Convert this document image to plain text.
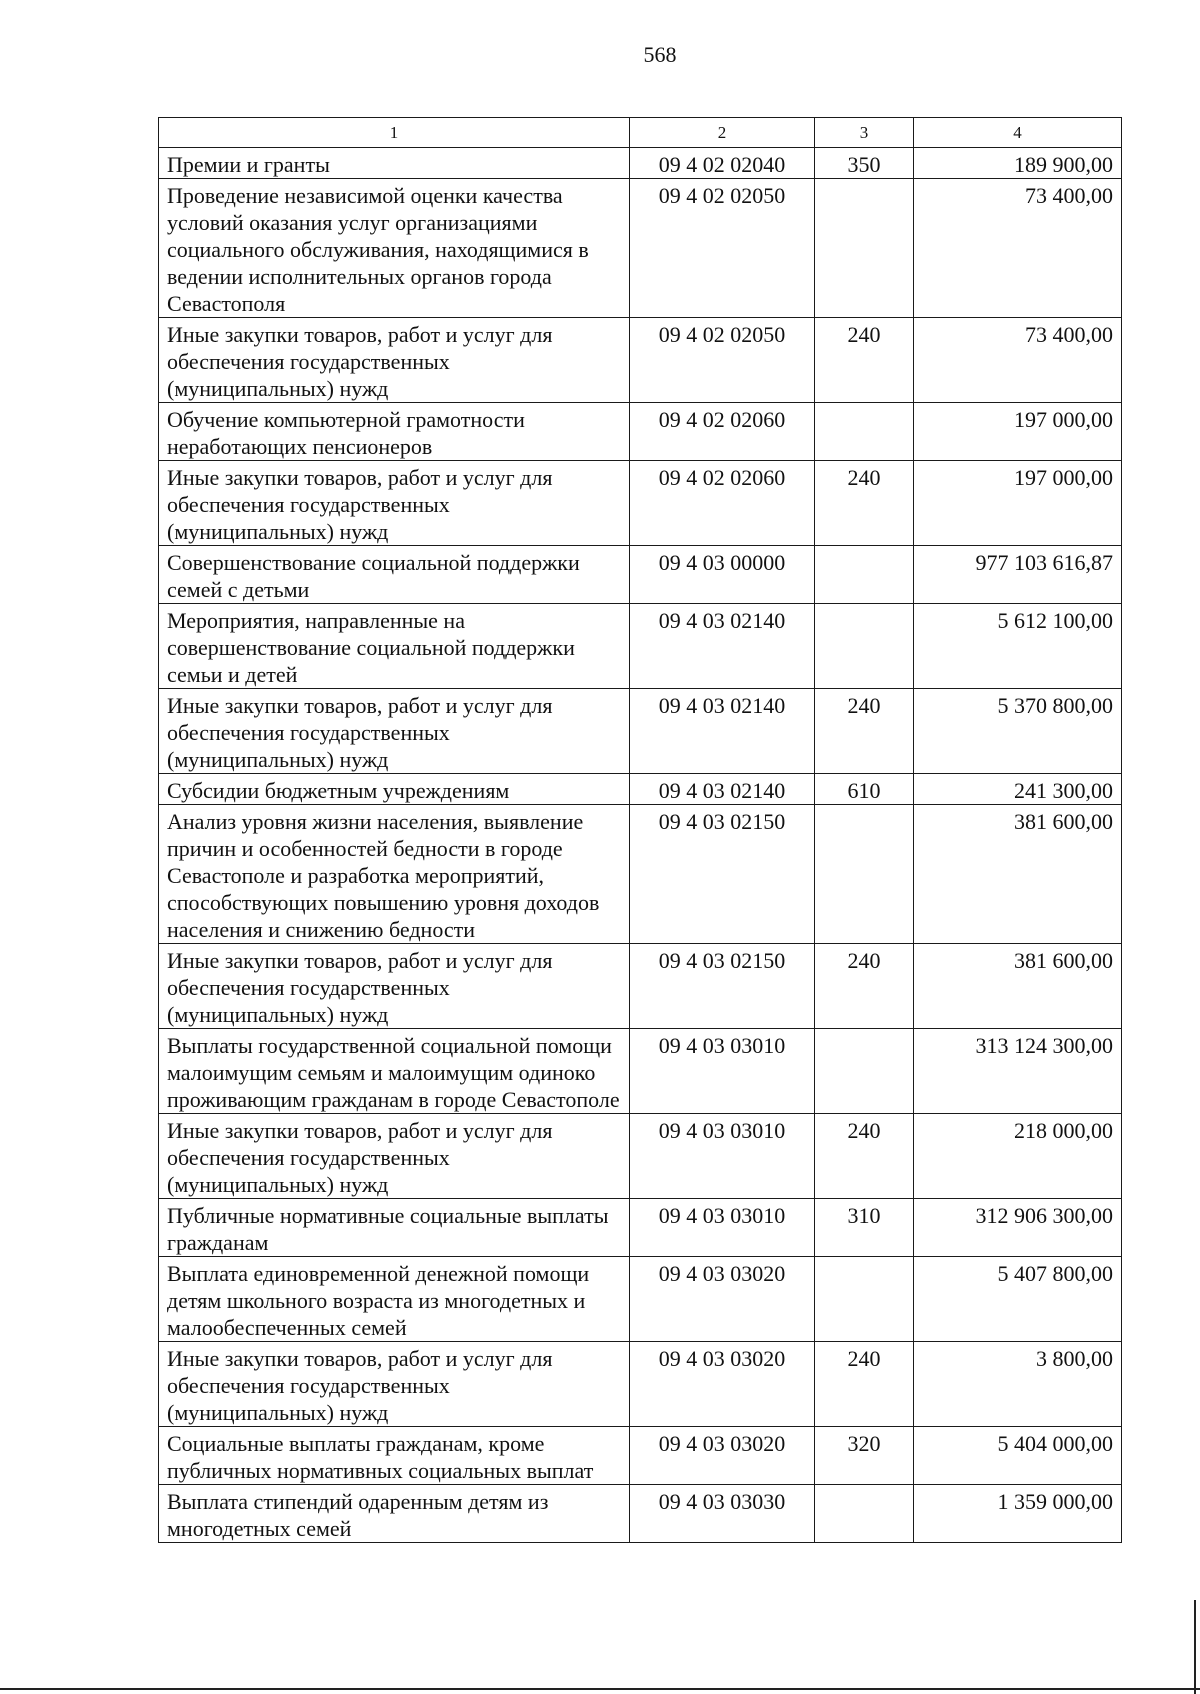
568
1	2	3	4
Премии и гранты	09 4 02 02040	350	189 900,00
Проведение независимой оценки качества условий оказания услуг организациями социального обслуживания, находящимися в ведении исполнительных органов города Севастополя	09 4 02 02050		73 400,00
Иные закупки товаров, работ и услуг для обеспечения государственных (муниципальных) нужд	09 4 02 02050	240	73 400,00
Обучение компьютерной грамотности неработающих пенсионеров	09 4 02 02060		197 000,00
Иные закупки товаров, работ и услуг для обеспечения государственных (муниципальных) нужд	09 4 02 02060	240	197 000,00
Совершенствование социальной поддержки семей с детьми	09 4 03 00000		977 103 616,87
Мероприятия, направленные на совершенствование социальной поддержки семьи и детей	09 4 03 02140		5 612 100,00
Иные закупки товаров, работ и услуг для обеспечения государственных (муниципальных) нужд	09 4 03 02140	240	5 370 800,00
Субсидии бюджетным учреждениям	09 4 03 02140	610	241 300,00
Анализ уровня жизни населения, выявление причин и особенностей бедности в городе Севастополе и разработка мероприятий, способствующих повышению уровня доходов населения и снижению бедности	09 4 03 02150		381 600,00
Иные закупки товаров, работ и услуг для обеспечения государственных (муниципальных) нужд	09 4 03 02150	240	381 600,00
Выплаты государственной социальной помощи малоимущим семьям и малоимущим одиноко проживающим гражданам в городе Севастополе	09 4 03 03010		313 124 300,00
Иные закупки товаров, работ и услуг для обеспечения государственных (муниципальных) нужд	09 4 03 03010	240	218 000,00
Публичные нормативные социальные выплаты гражданам	09 4 03 03010	310	312 906 300,00
Выплата единовременной денежной помощи детям школьного возраста из многодетных и малообеспеченных семей	09 4 03 03020		5 407 800,00
Иные закупки товаров, работ и услуг для обеспечения государственных (муниципальных) нужд	09 4 03 03020	240	3 800,00
Социальные выплаты гражданам, кроме публичных нормативных социальных выплат	09 4 03 03020	320	5 404 000,00
Выплата стипендий одаренным детям из многодетных семей	09 4 03 03030		1 359 000,00
